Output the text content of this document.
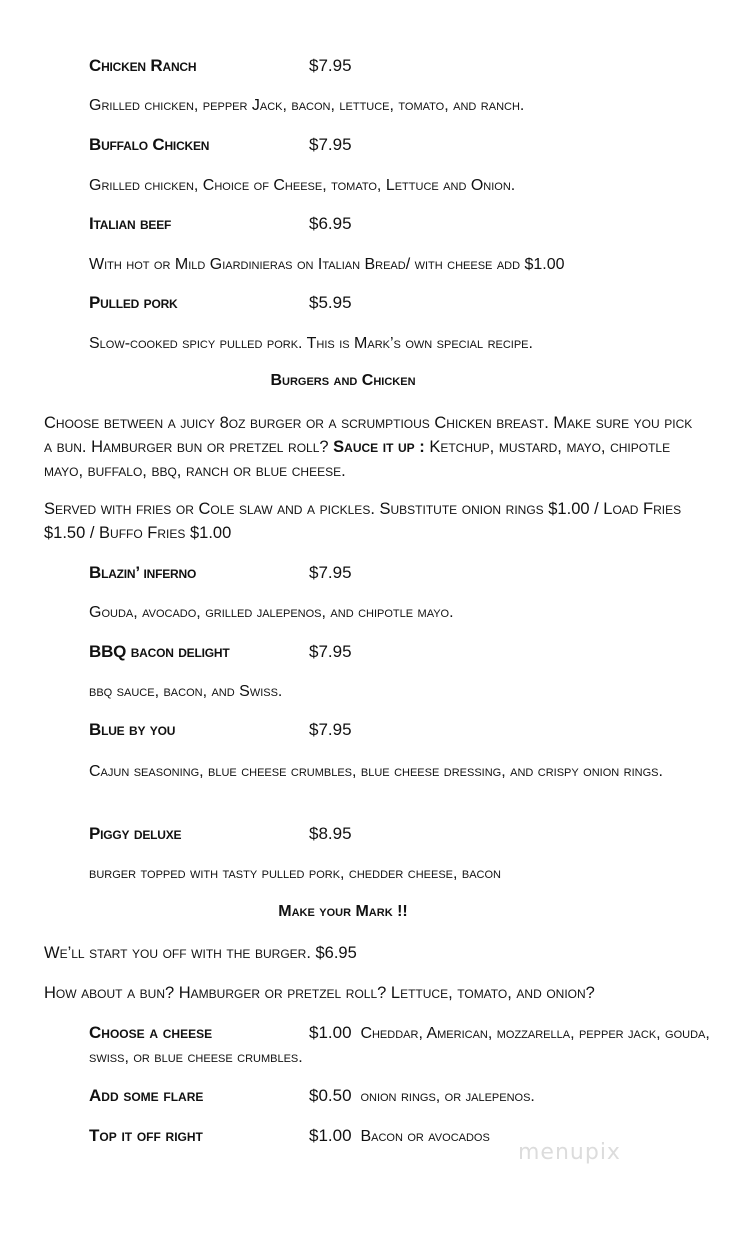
Chicken Ranch	$7.95
Grilled chicken, pepper Jack, bacon, lettuce, tomato, and ranch.
Buffalo Chicken	$7.95
Grilled chicken, Choice of Cheese, tomato, Lettuce and Onion.
Italian beef	$6.95
With hot or Mild Giardinieras on Italian Bread/ with cheese add $1.00
Pulled pork	$5.95
Slow-cooked spicy pulled pork. This is Mark’s own special recipe.
Burgers and Chicken
Choose between a juicy 8oz burger or a scrumptious Chicken breast. Make sure you pick a bun. Hamburger bun or pretzel roll? Sauce it up : Ketchup, mustard, mayo, chipotle mayo, buffalo, bbq, ranch or blue cheese.
Served with fries or Cole slaw and a pickles. Substitute onion rings $1.00 / Load Fries $1.50 / Buffo Fries $1.00
Blazin’ inferno	$7.95
Gouda, avocado, grilled jalepenos, and chipotle mayo.
BBQ bacon delight	$7.95
bbq sauce, bacon, and Swiss.
Blue by you	$7.95
Cajun seasoning, blue cheese crumbles, blue cheese dressing, and crispy onion rings.
Piggy deluxe	$8.95
burger topped with tasty pulled pork, chedder cheese, bacon
Make your Mark !!
We’ll start you off with the burger. $6.95
How about a bun? Hamburger or pretzel roll? Lettuce, tomato, and onion?
Choose a cheese	$1.00 Cheddar, American, mozzarella, pepper jack, gouda, swiss, or blue cheese crumbles.
Add some flare	$0.50 onion rings, or jalepenos.
Top it off right	$1.00 Bacon or avocados
menupix
